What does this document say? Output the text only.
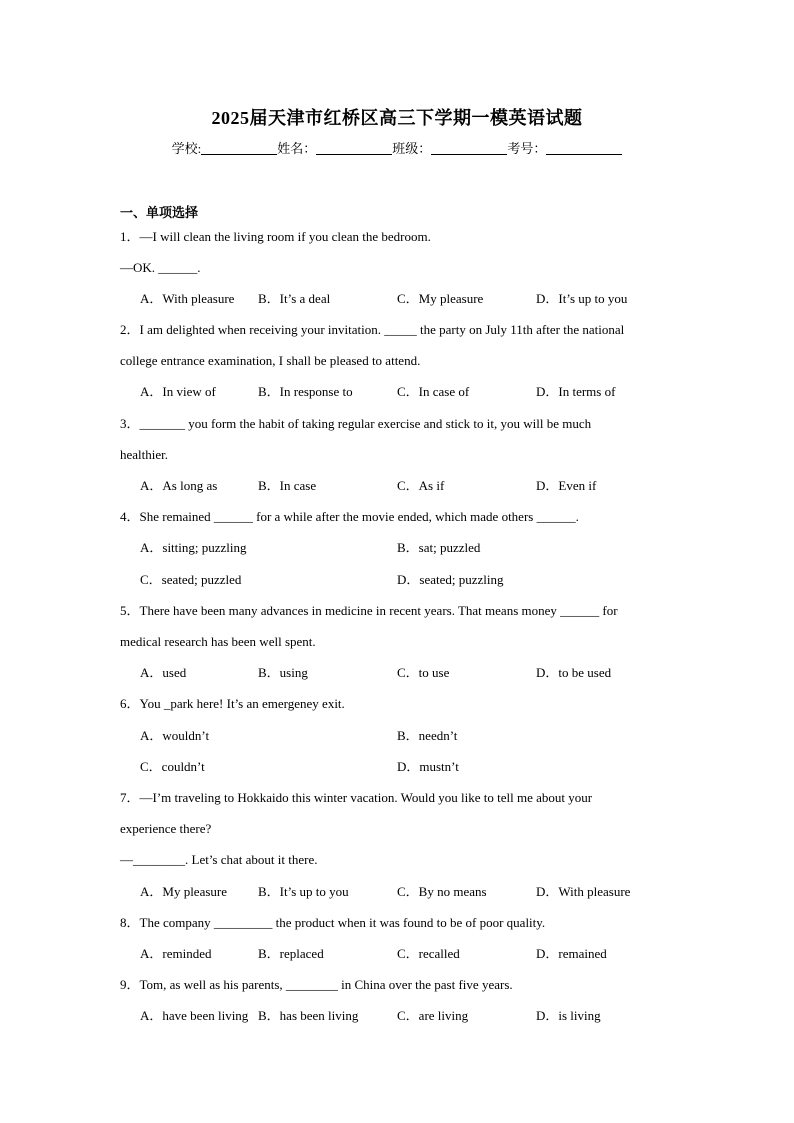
2025届天津市红桥区高三下学期一模英语试题
学校:	姓名：	班级：	考号：
一、单项选择
1．—I will clean the living room if you clean the bedroom.
—OK. ______.
A．With pleasure B．It’s a deal	C．My pleasure	D．It’s up to you
2．I am delighted when receiving your invitation. _____ the party on July 11th after the national
college entrance examination, I shall be pleased to attend.
A．In view of	B．In response to	C．In case of	D．In terms of
3．_______ you form the habit of taking regular exercise and stick to it, you will be much
healthier.
A．As long as	B．In case	C．As if	D．Even if
4．She remained ______ for a while after the movie ended, which made others ______.
A．sitting; puzzling	B．sat; puzzled
C．seated; puzzled	D．seated; puzzling
5．There have been many advances in medicine in recent years. That means money ______ for
medical research has been well spent.
A．used	B．using	C．to use	D．to be used
6．You _park here! It’s an emergeney exit.
A．wouldn’t	B．needn’t
C．couldn’t	D．mustn’t
7．—I’m traveling to Hokkaido this winter vacation. Would you like to tell me about your
experience there?
—________. Let’s chat about it there.
A．My pleasure B．It’s up to you	C．By no means	D．With pleasure
8．The company _________ the product when it was found to be of poor quality.
A．reminded	B．replaced	C．recalled	D．remained
9．Tom, as well as his parents, ________ in China over the past five years.
A．have been living B．has been living	C．are living	D．is living
